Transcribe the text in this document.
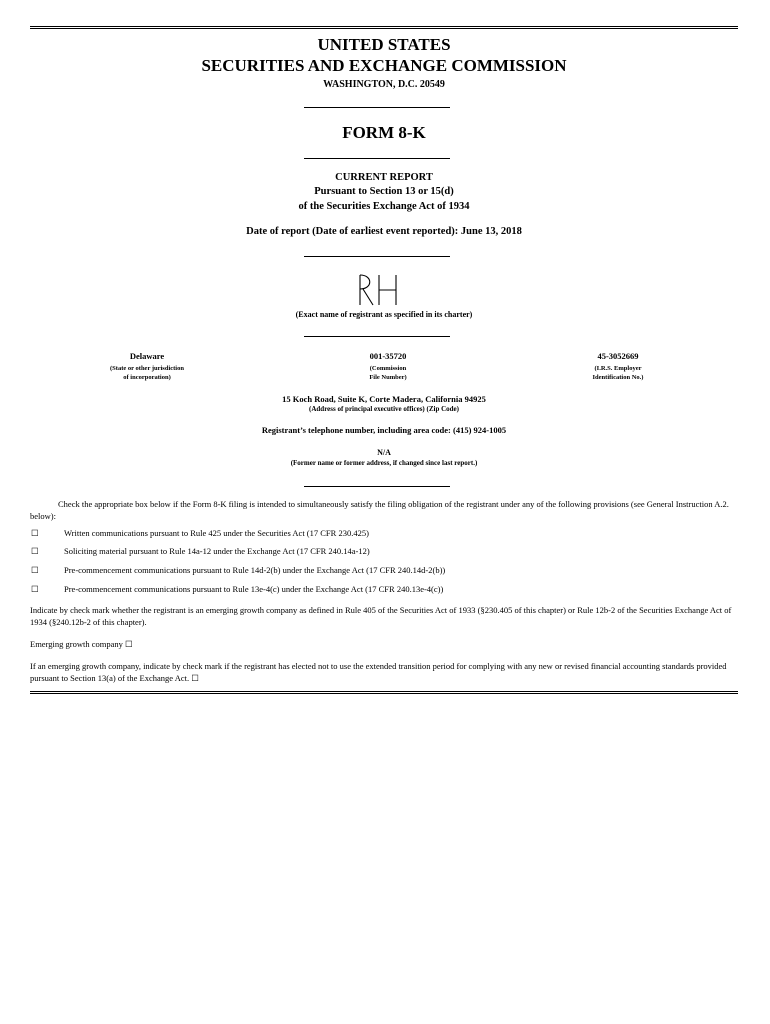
UNITED STATES
SECURITIES AND EXCHANGE COMMISSION
WASHINGTON, D.C. 20549
FORM 8-K
CURRENT REPORT
Pursuant to Section 13 or 15(d)
of the Securities Exchange Act of 1934
Date of report (Date of earliest event reported): June 13, 2018
(Exact name of registrant as specified in its charter)
Delaware
(State or other jurisdiction
of incorporation)
001-35720
(Commission
File Number)
45-3052669
(I.R.S. Employer
Identification No.)
15 Koch Road, Suite K, Corte Madera, California 94925
(Address of principal executive offices) (Zip Code)
Registrant’s telephone number, including area code: (415) 924-1005
N/A
(Former name or former address, if changed since last report.)
Check the appropriate box below if the Form 8-K filing is intended to simultaneously satisfy the filing obligation of the registrant under any of the following provisions (see General Instruction A.2. below):
☐	Written communications pursuant to Rule 425 under the Securities Act (17 CFR 230.425)
☐	Soliciting material pursuant to Rule 14a-12 under the Exchange Act (17 CFR 240.14a-12)
☐	Pre-commencement communications pursuant to Rule 14d-2(b) under the Exchange Act (17 CFR 240.14d-2(b))
☐	Pre-commencement communications pursuant to Rule 13e-4(c) under the Exchange Act (17 CFR 240.13e-4(c))
Indicate by check mark whether the registrant is an emerging growth company as defined in Rule 405 of the Securities Act of 1933 (§230.405 of this chapter) or Rule 12b-2 of the Securities Exchange Act of 1934 (§240.12b-2 of this chapter).
Emerging growth company ☐
If an emerging growth company, indicate by check mark if the registrant has elected not to use the extended transition period for complying with any new or revised financial accounting standards provided pursuant to Section 13(a) of the Exchange Act. ☐
